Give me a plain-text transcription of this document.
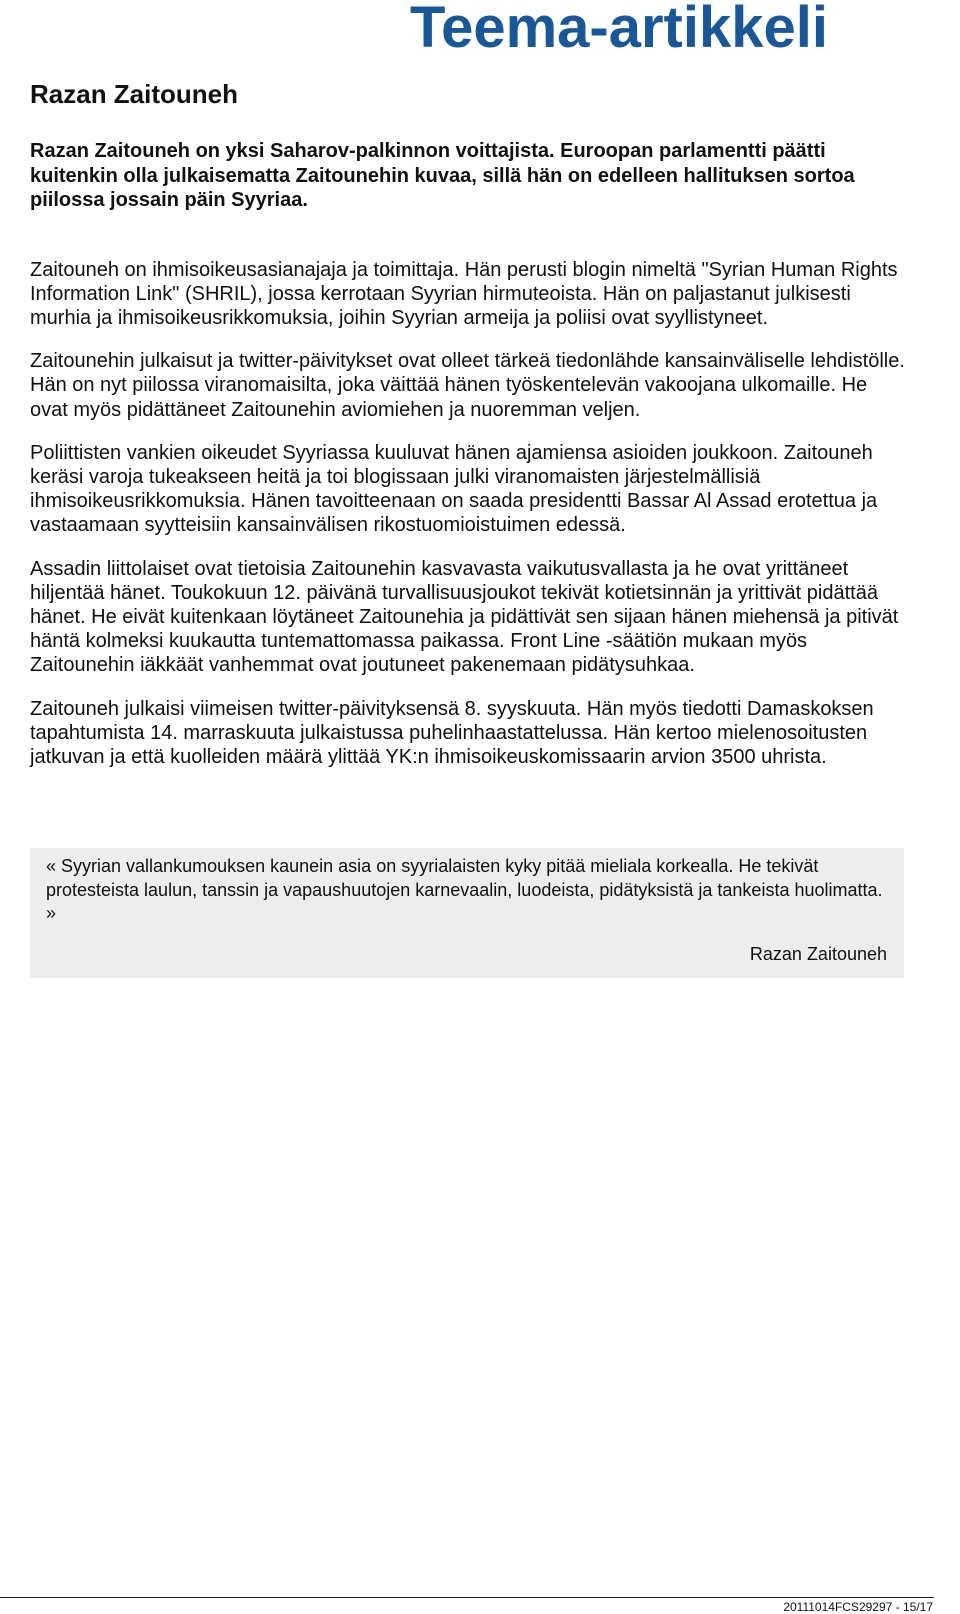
Teema-artikkeli
Razan Zaitouneh

Razan Zaitouneh on yksi Saharov-palkinnon voittajista. Euroopan parlamentti päätti kuitenkin olla julkaisematta Zaitounehin kuvaa, sillä hän on edelleen hallituksen sortoa piilossa jossain päin Syyriaa.

Zaitouneh on ihmisoikeusasianajaja ja toimittaja. Hän perusti blogin nimeltä "Syrian Human Rights Information Link" (SHRIL), jossa kerrotaan Syyrian hirmuteoista. Hän on paljastanut julkisesti murhia ja ihmisoikeusrikkomuksia, joihin Syyrian armeija ja poliisi ovat syyllistyneet.

Zaitounehin julkaisut ja twitter-päivitykset ovat olleet tärkeä tiedonlähde kansainväliselle lehdistölle. Hän on nyt piilossa viranomaisilta, joka väittää hänen työskentelevän vakoojana ulkomaille. He ovat myös pidättäneet Zaitounehin aviomiehen ja nuoremman veljen.

Poliittisten vankien oikeudet Syyriassa kuuluvat hänen ajamiensa asioiden joukkoon. Zaitouneh keräsi varoja tukeakseen heitä ja toi blogissaan julki viranomaisten järjestelmällisiä ihmisoikeusrikkomuksia. Hänen tavoitteenaan on saada presidentti Bassar Al Assad erotettua ja vastaamaan syytteisiin kansainvälisen rikostuomioistuimen edessä.

Assadin liittolaiset ovat tietoisia Zaitounehin kasvavasta vaikutusvallasta ja he ovat yrittäneet hiljentää hänet. Toukokuun 12. päivänä turvallisuusjoukot tekivät kotietsinnän ja yrittivät pidättää hänet. He eivät kuitenkaan löytäneet Zaitounehia ja pidättivät sen sijaan hänen miehensä ja pitivät häntä kolmeksi kuukautta tuntemattomassa paikassa. Front Line -säätiön mukaan myös Zaitounehin iäkkäät vanhemmat ovat joutuneet pakenemaan pidätysuhkaa.

Zaitouneh julkaisi viimeisen twitter-päivityksensä 8. syyskuuta. Hän myös tiedotti Damaskoksen tapahtumista 14. marraskuuta julkaistussa puhelinhaastattelussa. Hän kertoo mielenosoitusten jatkuvan ja että kuolleiden määrä ylittää YK:n ihmisoikeuskomissaarin arvion 3500 uhrista.

« Syyrian vallankumouksen kaunein asia on syyrialaisten kyky pitää mieliala korkealla. He tekivät protesteista laulun, tanssin ja vapaushuutojen karnevaalin, luodeista, pidätyksistä ja tankeista huolimatta. »

Razan Zaitouneh

20111014FCS29297 - 15/17
